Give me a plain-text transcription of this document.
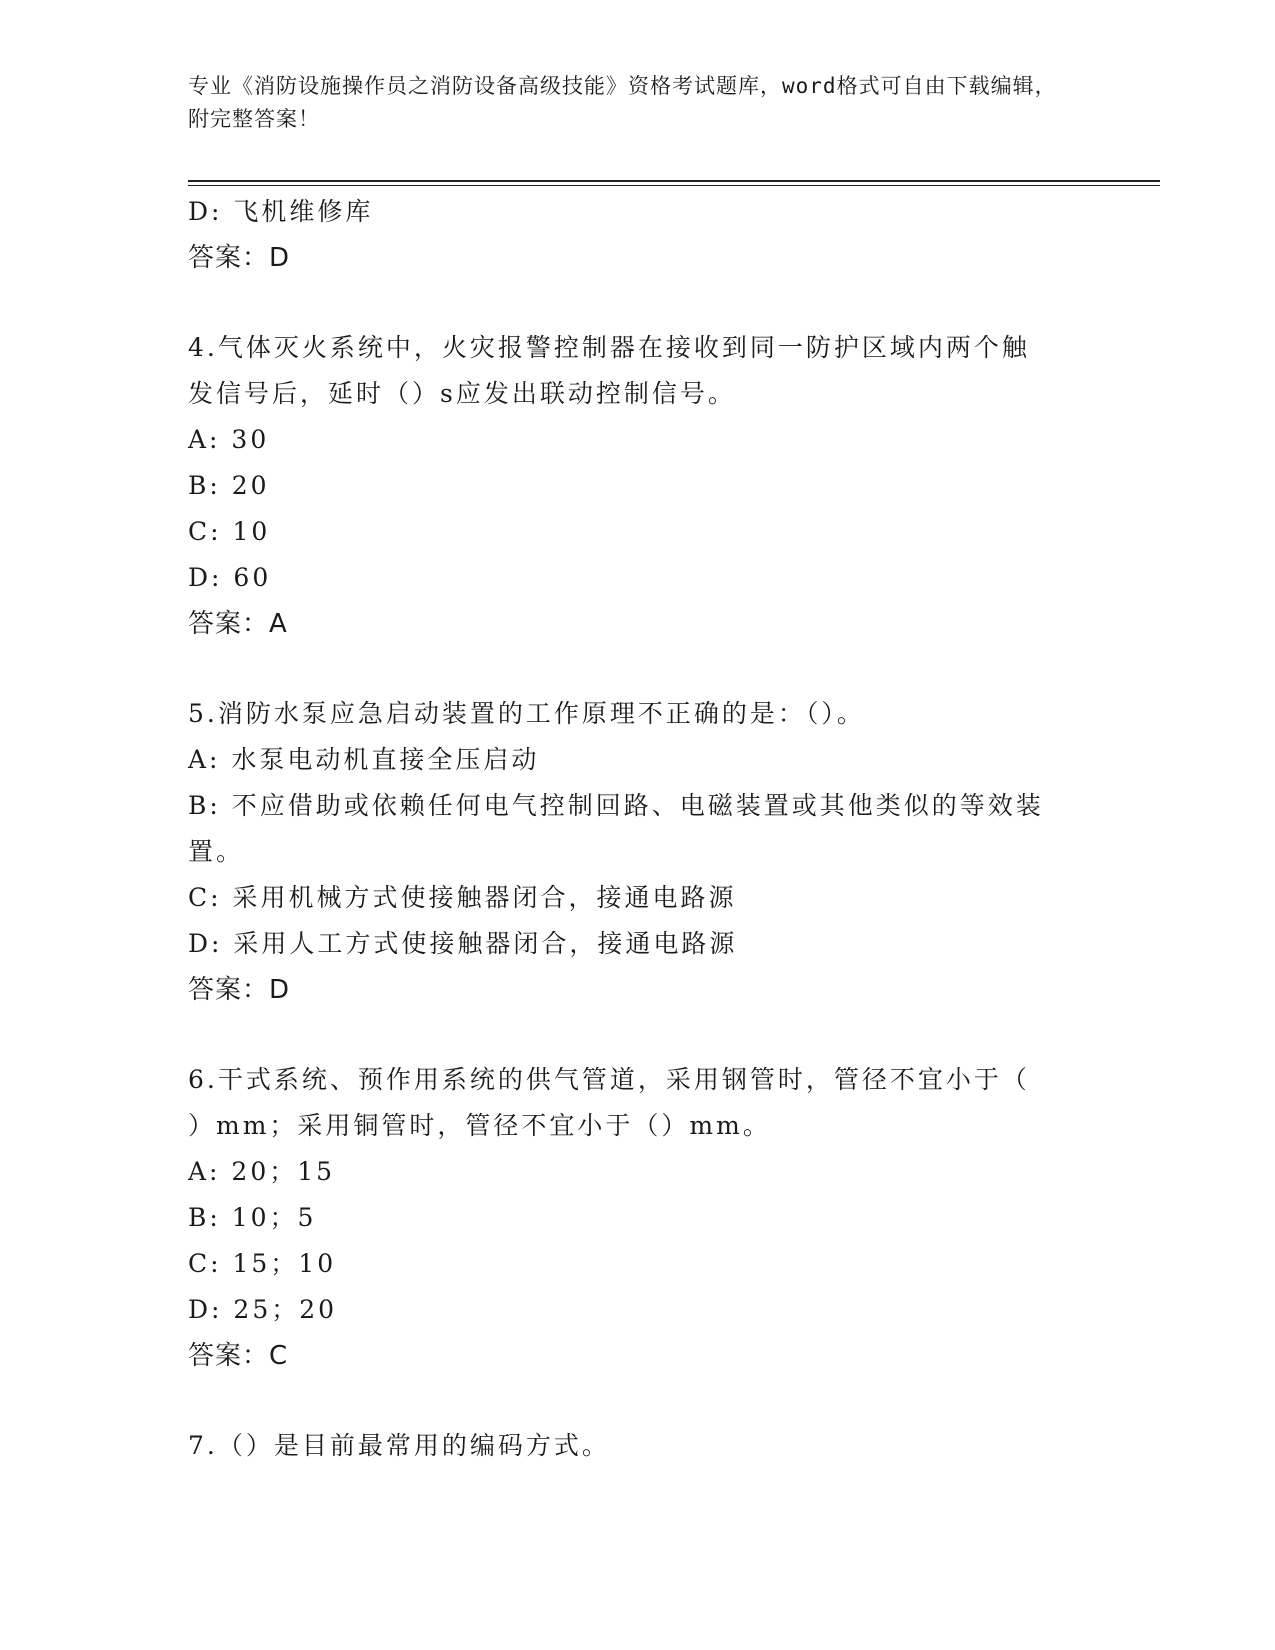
专业《消防设施操作员之消防设备高级技能》资格考试题库，word格式可自由下载编辑，附完整答案！
D: 飞机维修库
答案：D
4.气体灭火系统中，火灾报警控制器在接收到同一防护区域内两个触
发信号后，延时（）s应发出联动控制信号。
A: 30
B: 20
C: 10
D: 60
答案：A
5.消防水泵应急启动装置的工作原理不正确的是：（）。
A: 水泵电动机直接全压启动
B: 不应借助或依赖任何电气控制回路、电磁装置或其他类似的等效装
置。
C: 采用机械方式使接触器闭合，接通电路源
D: 采用人工方式使接触器闭合，接通电路源
答案：D
6.干式系统、预作用系统的供气管道，采用钢管时，管径不宜小于（
）mm；采用铜管时，管径不宜小于（）mm。
A: 20；15
B: 10；5
C: 15；10
D: 25；20
答案：C
7.（）是目前最常用的编码方式。
